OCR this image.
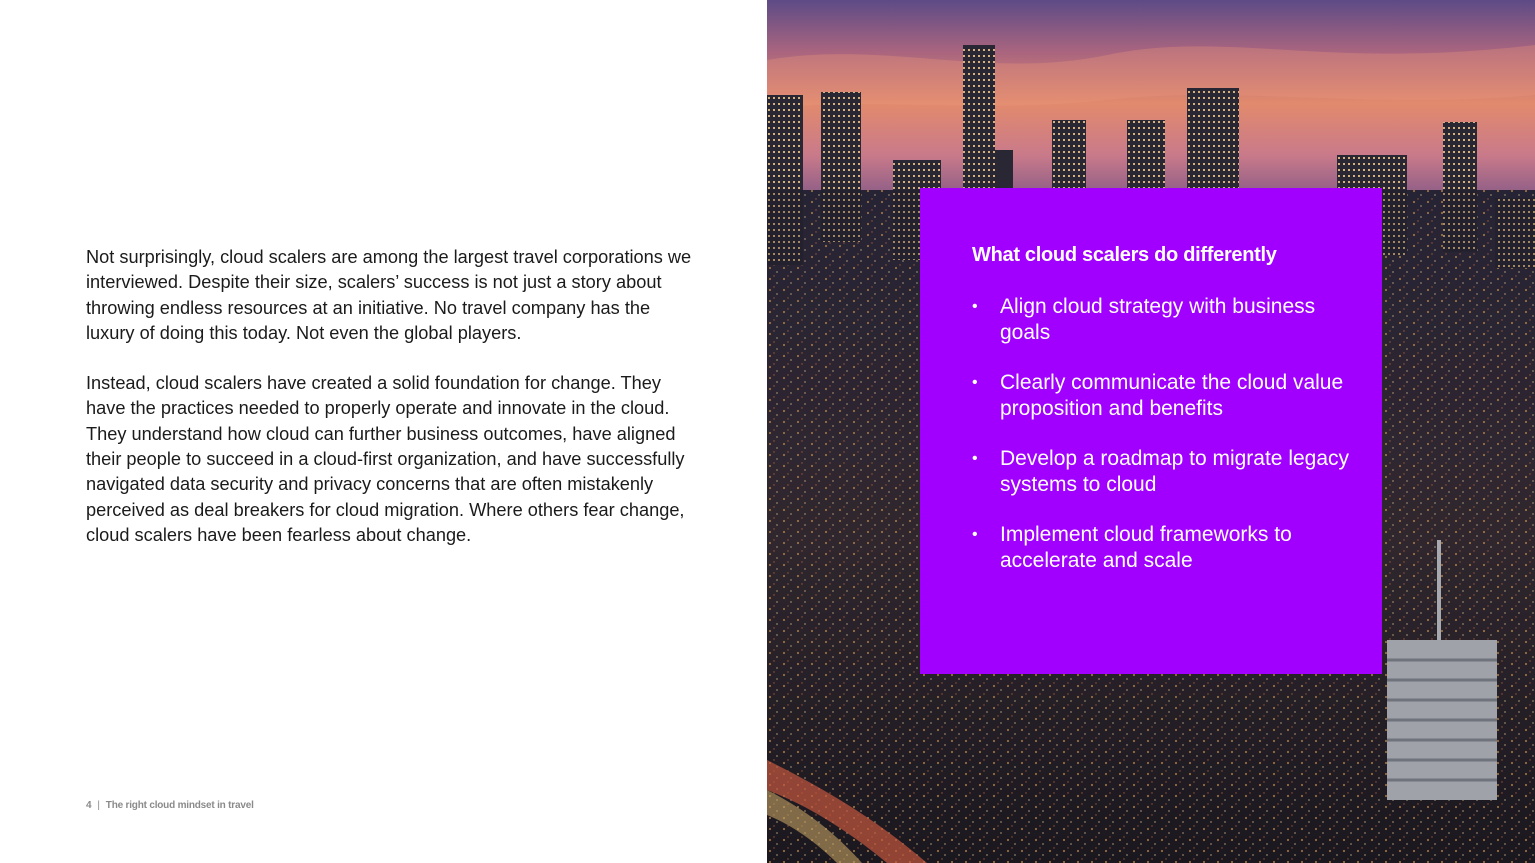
Not surprisingly, cloud scalers are among the largest travel corporations we interviewed. Despite their size, scalers’ success is not just a story about throwing endless resources at an initiative. No travel company has the luxury of doing this today. Not even the global players.

Instead, cloud scalers have created a solid foundation for change. They have the practices needed to properly operate and innovate in the cloud. They understand how cloud can further business outcomes, have aligned their people to succeed in a cloud-first organization, and have successfully navigated data security and privacy concerns that are often mistakenly perceived as deal breakers for cloud migration. Where others fear change, cloud scalers have been fearless about change.

4 | The right cloud mindset in travel
What cloud scalers do differently
• Align cloud strategy with business goals
• Clearly communicate the cloud value proposition and benefits
• Develop a roadmap to migrate legacy systems to cloud
• Implement cloud frameworks to accelerate and scale
